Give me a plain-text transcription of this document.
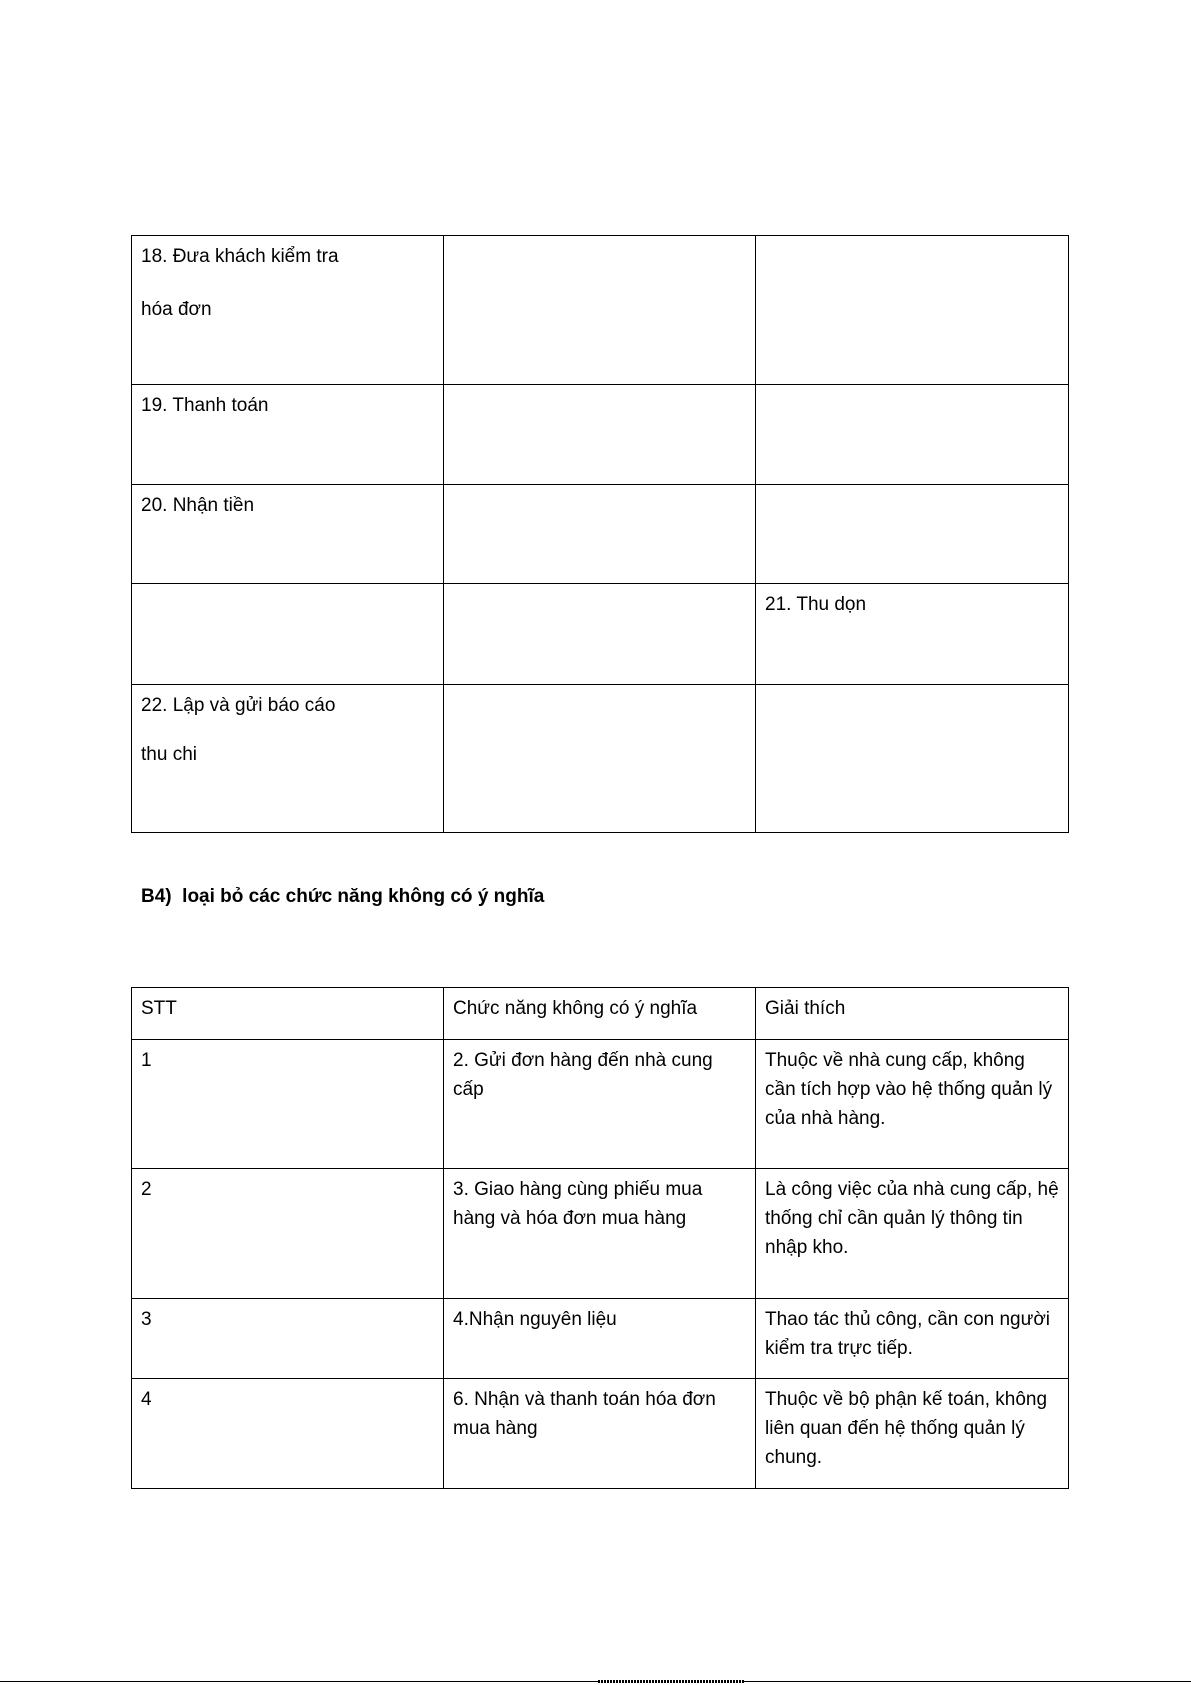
18. Đưa khách kiểm tra
hóa đơn		
19. Thanh toán		
20. Nhận tiền		
		21. Thu dọn
22. Lập và gửi báo cáo
thu chi		
B4)  loại bỏ các chức năng không có ý nghĩa
STT	Chức năng không có ý nghĩa	Giải thích
1	2. Gửi đơn hàng đến nhà cung cấp	Thuộc về nhà cung cấp, không cần tích hợp vào hệ thống quản lý của nhà hàng.
2	3. Giao hàng cùng phiếu mua hàng và hóa đơn mua hàng	Là công việc của nhà cung cấp, hệ thống chỉ cần quản lý thông tin nhập kho.
3	4.Nhận nguyên liệu	Thao tác thủ công, cần con người kiểm tra trực tiếp.
4	6. Nhận và thanh toán hóa đơn mua hàng	Thuộc về bộ phận kế toán, không liên quan đến hệ thống quản lý chung.
